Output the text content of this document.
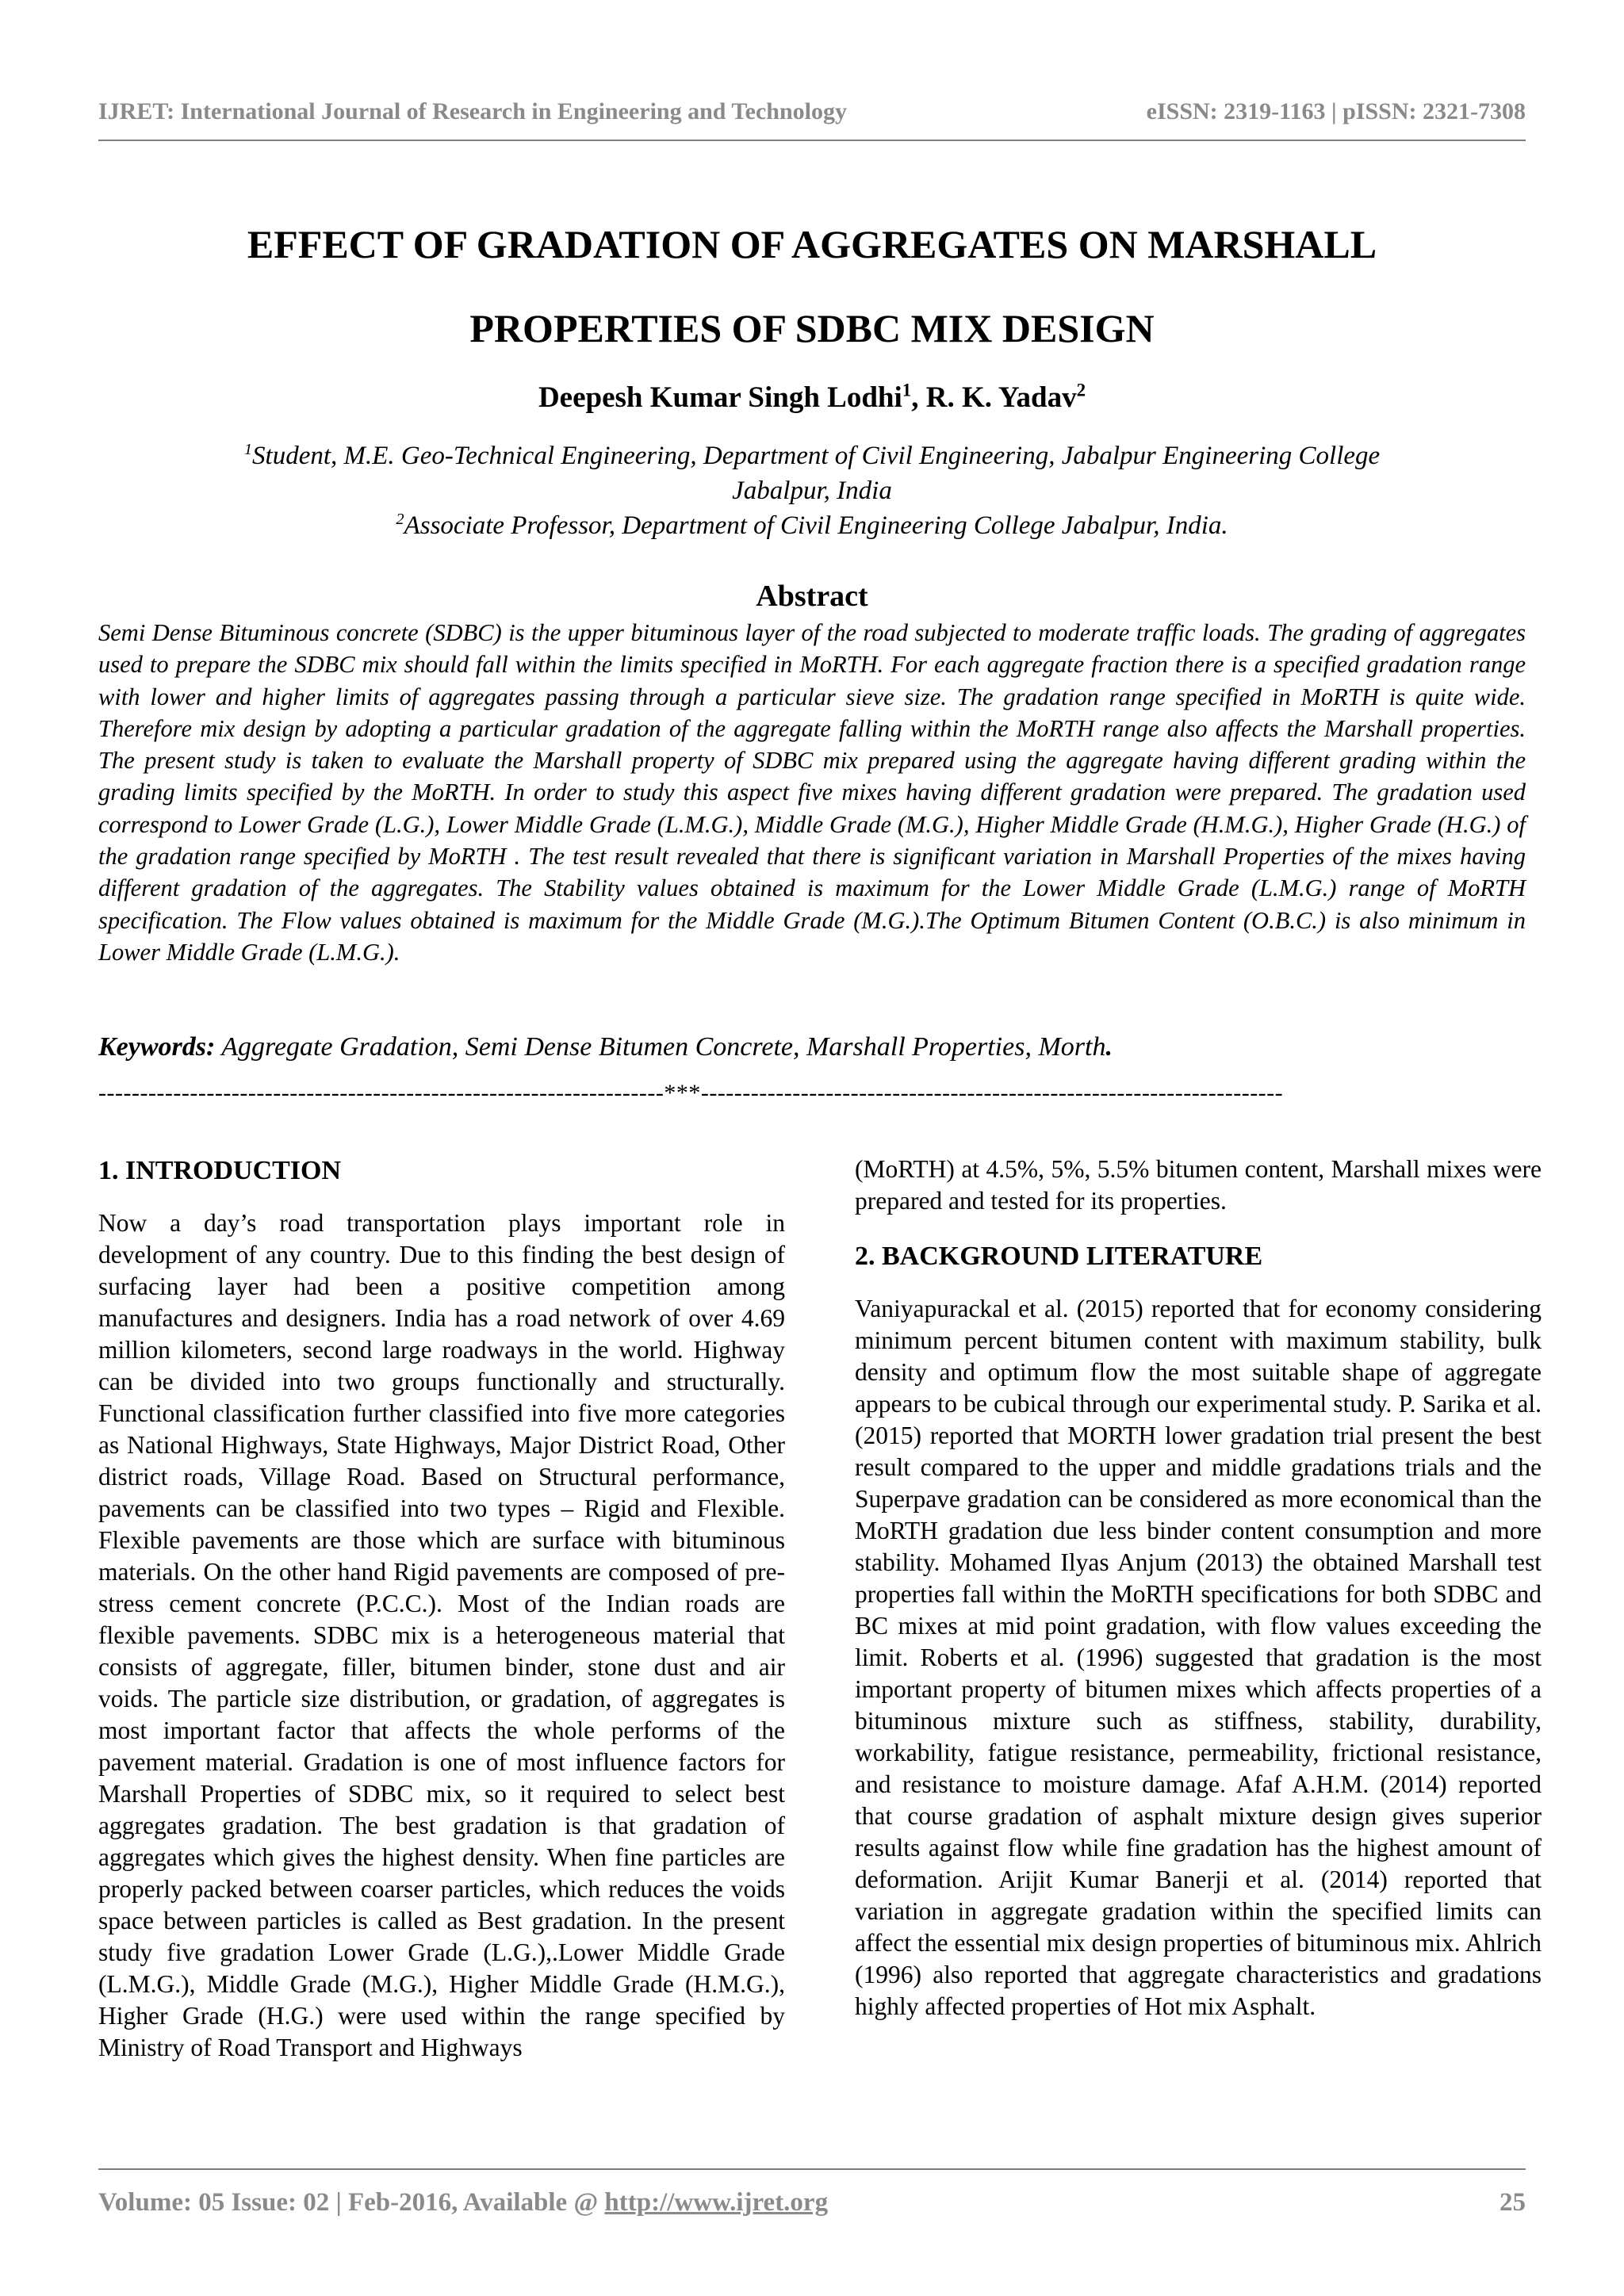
IJRET: International Journal of Research in Engineering and Technology	eISSN: 2319-1163 | pISSN: 2321-7308
EFFECT OF GRADATION OF AGGREGATES ON MARSHALL
PROPERTIES OF SDBC MIX DESIGN
Deepesh Kumar Singh Lodhi$^1$, R. K. Yadav$^2$
$^1$Student, M.E. Geo-Technical Engineering, Department of Civil Engineering, Jabalpur Engineering College
Jabalpur, India
$^2$Associate Professor, Department of Civil Engineering College Jabalpur, India.
Abstract

Semi Dense Bituminous concrete (SDBC) is the upper bituminous layer of the road subjected to moderate traffic loads. The grading of aggregates used to prepare the SDBC mix should fall within the limits specified in MoRTH. For each aggregate fraction there is a specified gradation range with lower and higher limits of aggregates passing through a particular sieve size. The gradation range specified in MoRTH is quite wide. Therefore mix design by adopting a particular gradation of the aggregate falling within the MoRTH range also affects the Marshall properties. The present study is taken to evaluate the Marshall property of SDBC mix prepared using the aggregate having different grading within the grading limits specified by the MoRTH. In order to study this aspect five mixes having different gradation were prepared. The gradation used correspond to Lower Grade (L.G.), Lower Middle Grade (L.M.G.), Middle Grade (M.G.), Higher Middle Grade (H.M.G.), Higher Grade (H.G.) of the gradation range specified by MoRTH . The test result revealed that there is significant variation in Marshall Properties of the mixes having different gradation of the aggregates. The Stability values obtained is maximum for the Lower Middle Grade (L.M.G.) range of MoRTH specification. The Flow values obtained is maximum for the Middle Grade (M.G.).The Optimum Bitumen Content (O.B.C.) is also minimum in Lower Middle Grade (L.M.G.).

Keywords: Aggregate Gradation, Semi Dense Bitumen Concrete, Marshall Properties, Morth.
--------------------------------------------------------------------***----------------------------------------------------------------------
1. INTRODUCTION

Now a day’s road transportation plays important role in development of any country. Due to this finding the best design of surfacing layer had been a positive competition among manufactures and designers. India has a road network of over 4.69 million kilometers, second large roadways in the world. Highway can be divided into two groups functionally and structurally. Functional classification further classified into five more categories as National Highways, State Highways, Major District Road, Other district roads, Village Road. Based on Structural performance, pavements can be classified into two types – Rigid and Flexible. Flexible pavements are those which are surface with bituminous materials. On the other hand Rigid pavements are composed of pre-stress cement concrete (P.C.C.). Most of the Indian roads are flexible pavements. SDBC mix is a heterogeneous material that consists of aggregate, filler, bitumen binder, stone dust and air voids. The particle size distribution, or gradation, of aggregates is most important factor that affects the whole performs of the pavement material. Gradation is one of most influence factors for Marshall Properties of SDBC mix, so it required to select best aggregates gradation. The best gradation is that gradation of aggregates which gives the highest density. When fine particles are properly packed between coarser particles, which reduces the voids space between particles is called as Best gradation. In the present study five gradation Lower Grade (L.G.),.Lower Middle Grade (L.M.G.), Middle Grade (M.G.), Higher Middle Grade (H.M.G.), Higher Grade (H.G.) were used within the range specified by Ministry of Road Transport and Highways

(MoRTH) at 4.5%, 5%, 5.5% bitumen content, Marshall mixes were prepared and tested for its properties.

2. BACKGROUND LITERATURE

Vaniyapurackal et al. (2015) reported that for economy considering minimum percent bitumen content with maximum stability, bulk density and optimum flow the most suitable shape of aggregate appears to be cubical through our experimental study. P. Sarika et al. (2015) reported that MORTH lower gradation trial present the best result compared to the upper and middle gradations trials and the Superpave gradation can be considered as more economical than the MoRTH gradation due less binder content consumption and more stability. Mohamed Ilyas Anjum (2013) the obtained Marshall test properties fall within the MoRTH specifications for both SDBC and BC mixes at mid point gradation, with flow values exceeding the limit. Roberts et al. (1996) suggested that gradation is the most important property of bitumen mixes which affects properties of a bituminous mixture such as stiffness, stability, durability, workability, fatigue resistance, permeability, frictional resistance, and resistance to moisture damage. Afaf A.H.M. (2014) reported that course gradation of asphalt mixture design gives superior results against flow while fine gradation has the highest amount of deformation. Arijit Kumar Banerji et al. (2014) reported that variation in aggregate gradation within the specified limits can affect the essential mix design properties of bituminous mix. Ahlrich (1996) also reported that aggregate characteristics and gradations highly affected properties of Hot mix Asphalt.

Volume: 05 Issue: 02 | Feb-2016, Available @ http://www.ijret.org	25
